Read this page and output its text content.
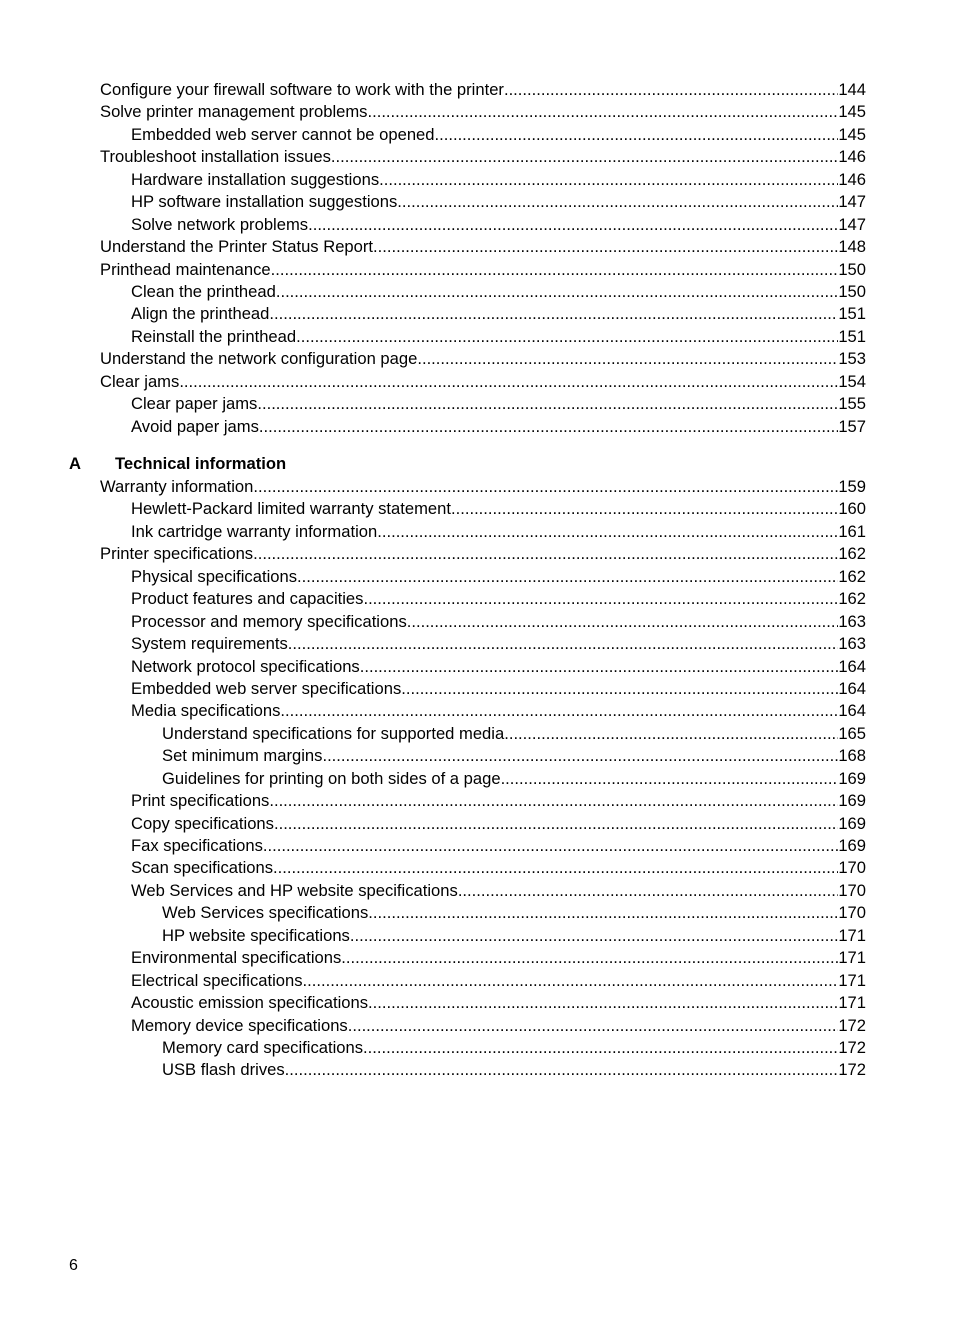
Configure your firewall software to work with the printer .....	144
Solve printer management problems .....	145
Embedded web server cannot be opened .....	145
Troubleshoot installation issues .....	146
Hardware installation suggestions .....	146
HP software installation suggestions .....	147
Solve network problems .....	147
Understand the Printer Status Report .....	148
Printhead maintenance .....	150
Clean the printhead .....	150
Align the printhead .....	151
Reinstall the printhead .....	151
Understand the network configuration page .....	153
Clear jams .....	154
Clear paper jams .....	155
Avoid paper jams .....	157
A Technical information
Warranty information .....	159
Hewlett-Packard limited warranty statement .....	160
Ink cartridge warranty information .....	161
Printer specifications .....	162
Physical specifications .....	162
Product features and capacities .....	162
Processor and memory specifications .....	163
System requirements .....	163
Network protocol specifications .....	164
Embedded web server specifications .....	164
Media specifications .....	164
Understand specifications for supported media .....	165
Set minimum margins .....	168
Guidelines for printing on both sides of a page .....	169
Print specifications .....	169
Copy specifications .....	169
Fax specifications .....	169
Scan specifications .....	170
Web Services and HP website specifications .....	170
Web Services specifications .....	170
HP website specifications .....	171
Environmental specifications .....	171
Electrical specifications .....	171
Acoustic emission specifications .....	171
Memory device specifications .....	172
Memory card specifications .....	172
USB flash drives .....	172
6
